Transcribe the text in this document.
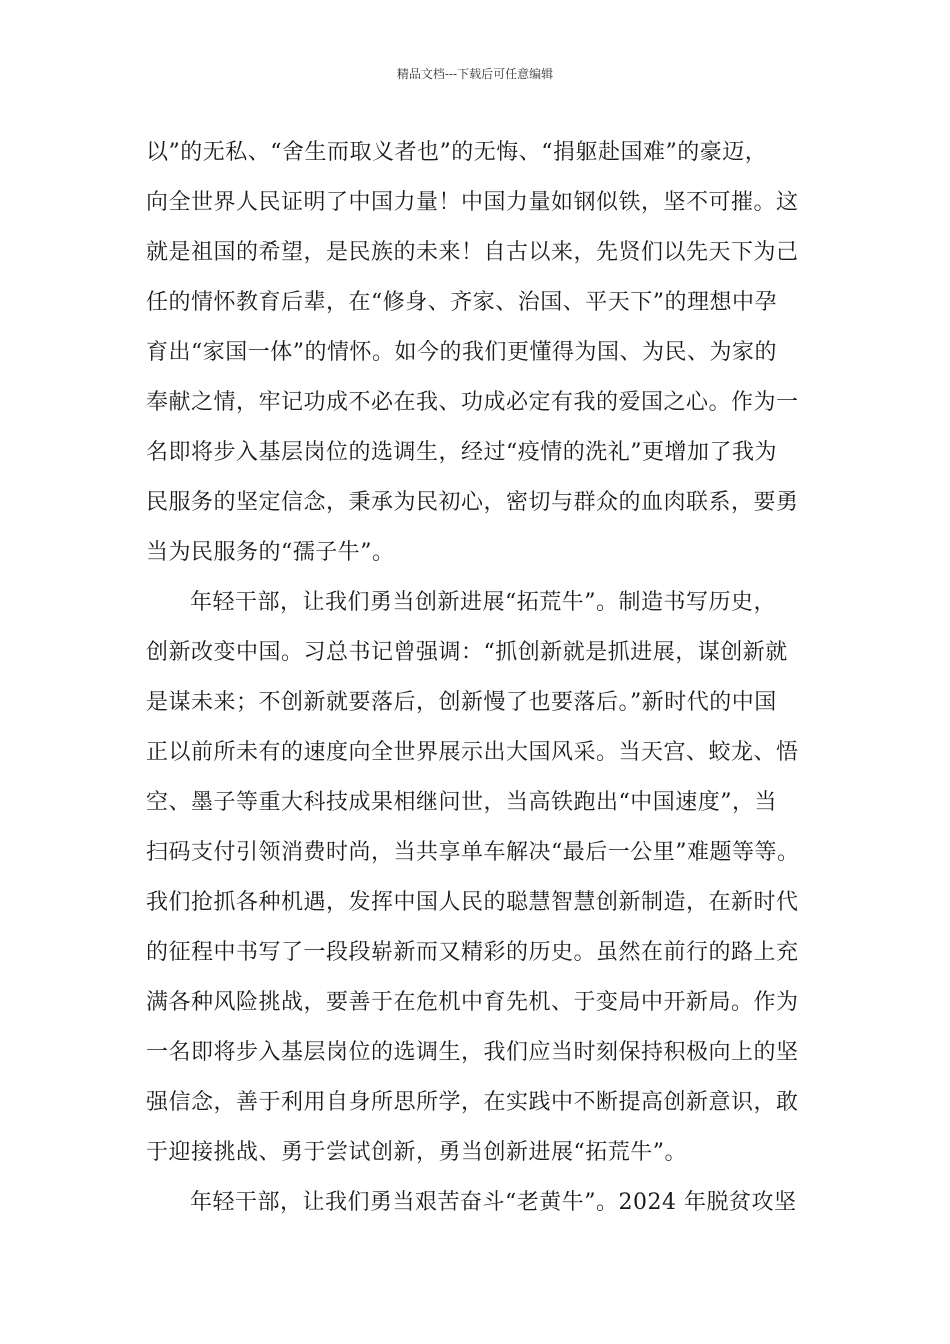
精品文档---下载后可任意编辑
以”的无私、“舍生而取义者也”的无悔、“捐躯赴国难”的豪迈，
向全世界人民证明了中国力量！中国力量如钢似铁，坚不可摧。这
就是祖国的希望，是民族的未来！自古以来，先贤们以先天下为己
任的情怀教育后辈，在“修身、齐家、治国、平天下”的理想中孕
育出“家国一体”的情怀。如今的我们更懂得为国、为民、为家的
奉献之情，牢记功成不必在我、功成必定有我的爱国之心。作为一
名即将步入基层岗位的选调生，经过“疫情的洗礼”更增加了我为
民服务的坚定信念，秉承为民初心，密切与群众的血肉联系，要勇
当为民服务的“孺子牛”。
年轻干部，让我们勇当创新进展“拓荒牛”。制造书写历史，
创新改变中国。习总书记曾强调：“抓创新就是抓进展，谋创新就
是谋未来；不创新就要落后，创新慢了也要落后。”新时代的中国
正以前所未有的速度向全世界展示出大国风采。当天宫、蛟龙、悟
空、墨子等重大科技成果相继问世，当高铁跑出“中国速度”，当
扫码支付引领消费时尚，当共享单车解决“最后一公里”难题等等。
我们抢抓各种机遇，发挥中国人民的聪慧智慧创新制造，在新时代
的征程中书写了一段段崭新而又精彩的历史。虽然在前行的路上充
满各种风险挑战，要善于在危机中育先机、于变局中开新局。作为
一名即将步入基层岗位的选调生，我们应当时刻保持积极向上的坚
强信念，善于利用自身所思所学，在实践中不断提高创新意识，敢
于迎接挑战、勇于尝试创新，勇当创新进展“拓荒牛”。
年轻干部，让我们勇当艰苦奋斗“老黄牛”。2024 年脱贫攻坚
